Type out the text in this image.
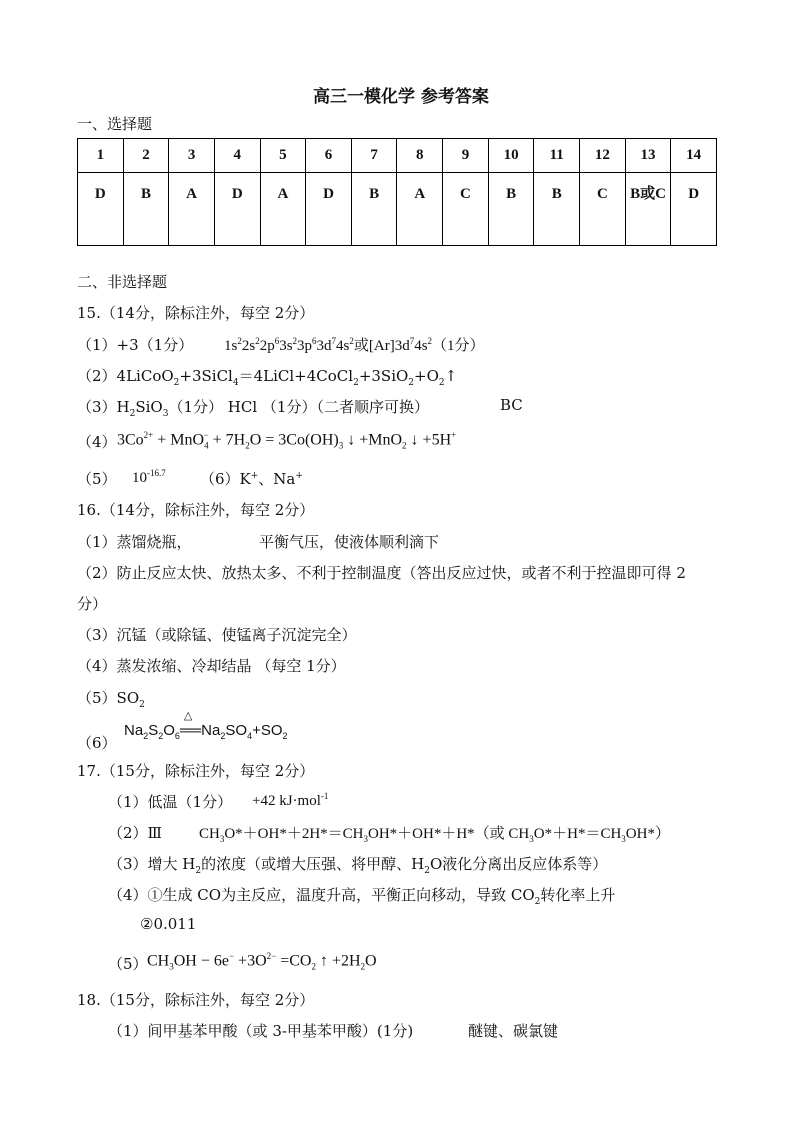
高三一模化学 参考答案
一、选择题
1	2	3	4	5	6	7	8	9	10	11	12	13	14
D	B	A	D	A	D	B	A	C	B	B	C	B或C	D
二、非选择题
15.（14分，除标注外，每空 2分）
（1）+3（1分） $1s^22s^22p^63s^23p^63d^74s^2$或$[Ar]3d^74s^2(1$分）
$(2)4LiCoO_2+3SiCl_4=4LiCl+4CoCl_2+3SiO_2+O_2↑$
$(3)H_2SiO_3(1$分） HCl （1分）（二者顺序可换）	BC
（4） $3Co^{2+} + MnO_4^- + 7H_2O = 3Co(OH)_3$ ↓ +MnO$_2$ ↓ +5H+
（5） $10^{-16.7}$ （6）K+、Na+
16.（14分，除标注外，每空 2分）
（1）蒸馏烧瓶，	平衡气压，使液体顺利滴下
（2）防止反应太快、放热太多、不利于控制温度（答出反应过快，或者不利于控温即可得 2
分）
（3）沉锰（或除锰、使锰离子沉淀完全）
（4）蒸发浓缩、冷却结晶 （每空 1分）
$(5)SO_2$
（6）
$Na_2S_2O_6$
△
$══Na_2SO_4+SO_2$
17.（15分，除标注外，每空 2分）
（1）低温（1分） +42 kJ·mol$^{-1}$
（2）Ⅲ $CH_3O*+OH*+2H*=CH_3OH*+OH*+H*$（或 $CH_3O*+H*=CH_3OH*$）
（3）增大 $H_2$的浓度（或增大压强、将甲醇、$H_2O$液化分离出反应体系等）
（4）①生成 CO为主反应，温度升高，平衡正向移动，导致 $CO_2$转化率上升
②0.011
（5） $CH_3OH - 6e^- +3O^{2-} =CO_2$ ↑ $+2H_2O$
18.（15分，除标注外，每空 2分）
（1）间甲基苯甲酸（或 3-甲基苯甲酸）(1分)	醚键、碳氯键
